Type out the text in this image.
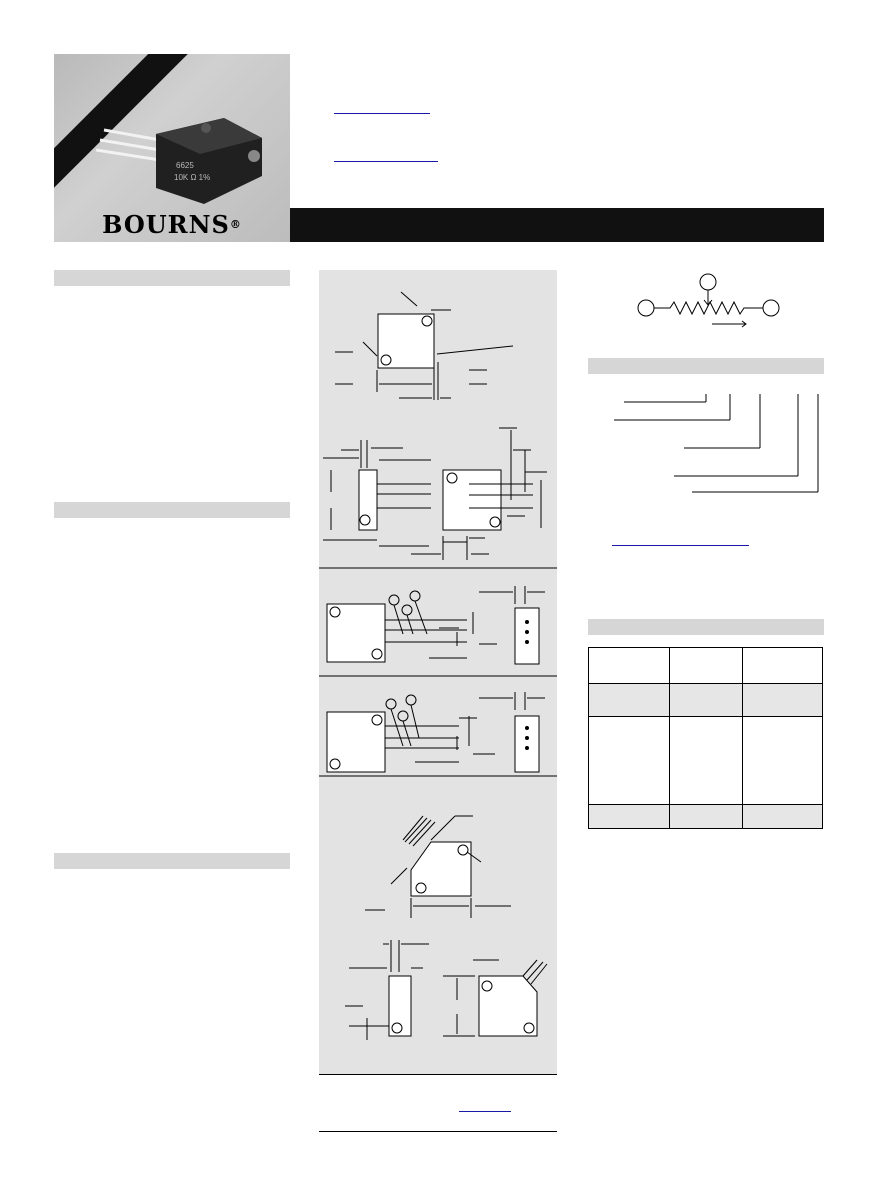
6625
10K Ω 1%
BOURNS ®
